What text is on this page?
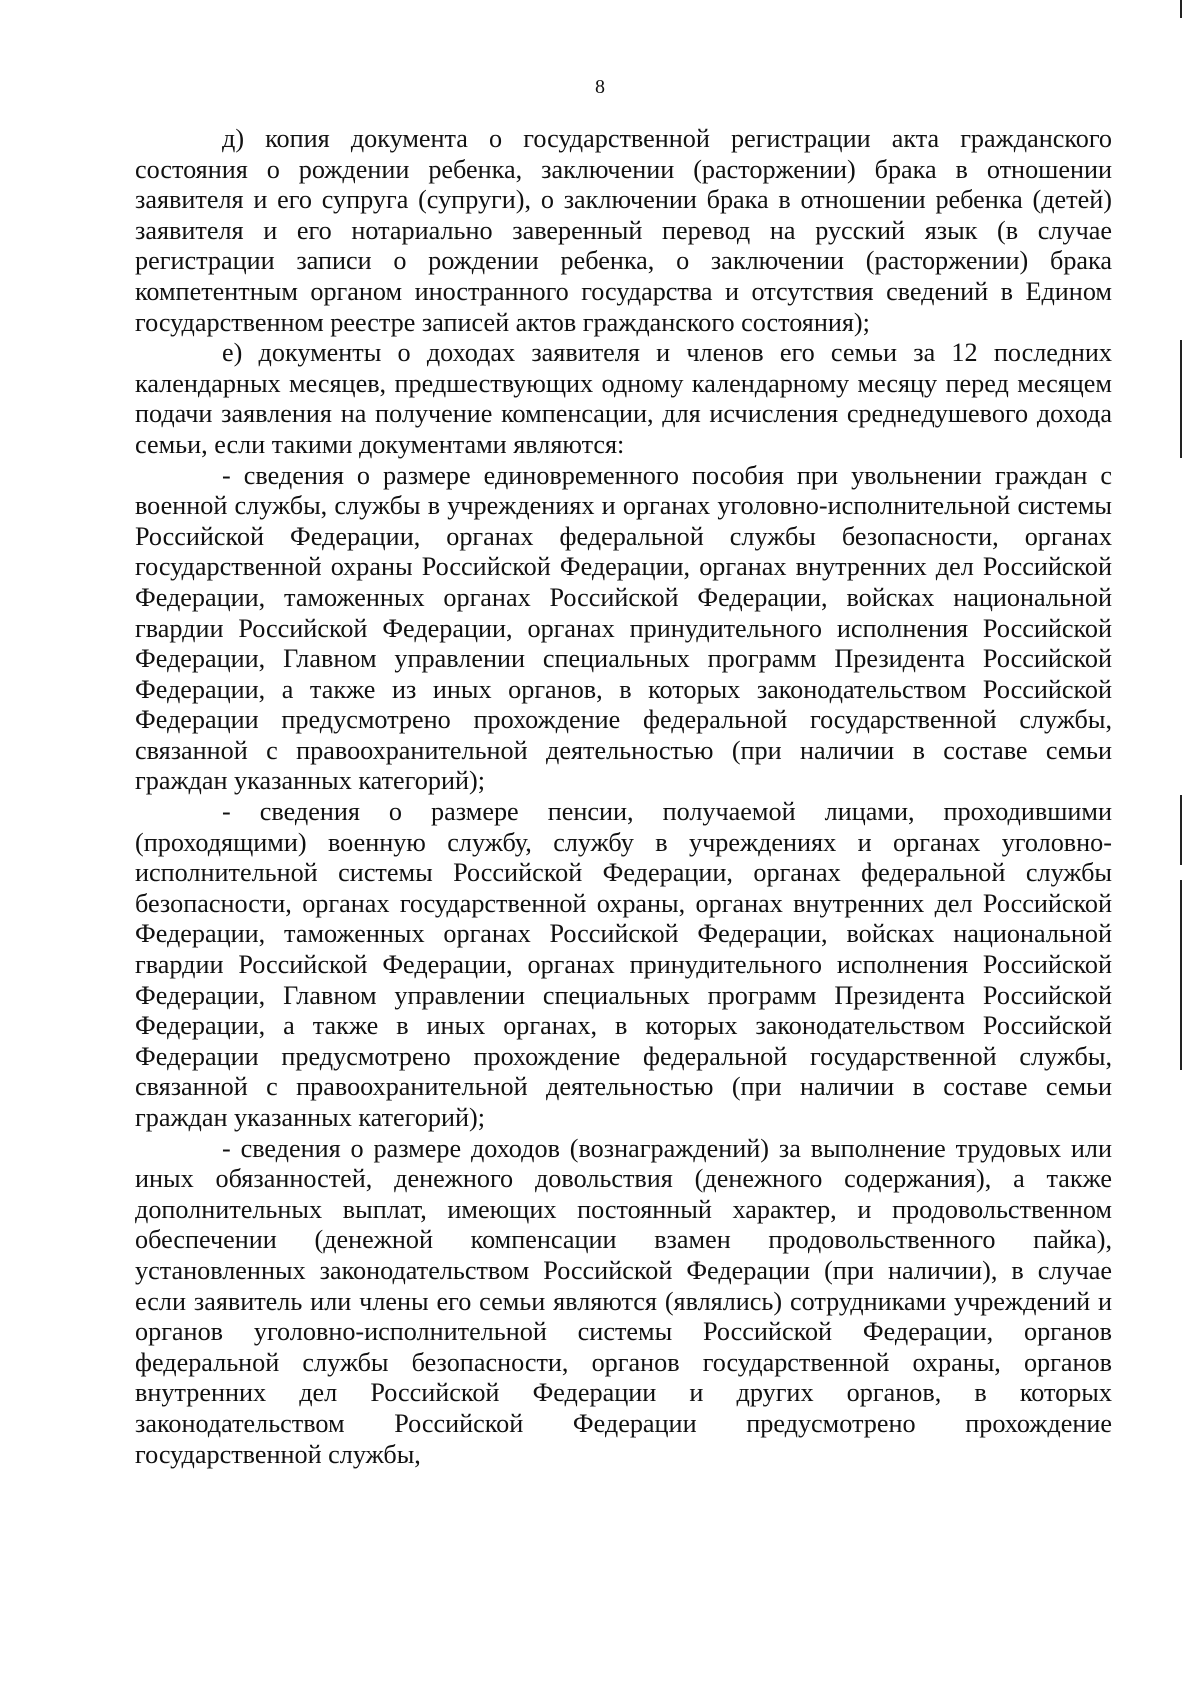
8

д) копия документа о государственной регистрации акта гражданского состояния о рождении ребенка, заключении (расторжении) брака в отношении заявителя и его супруга (супруги), о заключении брака в отношении ребенка (детей) заявителя и его нотариально заверенный перевод на русский язык (в случае регистрации записи о рождении ребенка, о заключении (расторжении) брака компетентным органом иностранного государства и отсутствия сведений в Едином государственном реестре записей актов гражданского состояния);

е) документы о доходах заявителя и членов его семьи за 12 последних календарных месяцев, предшествующих одному календарному месяцу перед месяцем подачи заявления на получение компенсации, для исчисления среднедушевого дохода семьи, если такими документами являются:

- сведения о размере единовременного пособия при увольнении граждан с военной службы, службы в учреждениях и органах уголовно-исполнительной системы Российской Федерации, органах федеральной службы безопасности, органах государственной охраны Российской Федерации, органах внутренних дел Российской Федерации, таможенных органах Российской Федерации, войсках национальной гвардии Российской Федерации, органах принудительного исполнения Российской Федерации, Главном управлении специальных программ Президента Российской Федерации, а также из иных органов, в которых законодательством Российской Федерации предусмотрено прохождение федеральной государственной службы, связанной с правоохранительной деятельностью (при наличии в составе семьи граждан указанных категорий);

- сведения о размере пенсии, получаемой лицами, проходившими (проходящими) военную службу, службу в учреждениях и органах уголовно-исполнительной системы Российской Федерации, органах федеральной службы безопасности, органах государственной охраны, органах внутренних дел Российской Федерации, таможенных органах Российской Федерации, войсках национальной гвардии Российской Федерации, органах принудительного исполнения Российской Федерации, Главном управлении специальных программ Президента Российской Федерации, а также в иных органах, в которых законодательством Российской Федерации предусмотрено прохождение федеральной государственной службы, связанной с правоохранительной деятельностью (при наличии в составе семьи граждан указанных категорий);

- сведения о размере доходов (вознаграждений) за выполнение трудовых или иных обязанностей, денежного довольствия (денежного содержания), а также дополнительных выплат, имеющих постоянный характер, и продовольственном обеспечении (денежной компенсации взамен продовольственного пайка), установленных законодательством Российской Федерации (при наличии), в случае если заявитель или члены его семьи являются (являлись) сотрудниками учреждений и органов уголовно-исполнительной системы Российской Федерации, органов федеральной службы безопасности, органов государственной охраны, органов внутренних дел Российской Федерации и других органов, в которых законодательством Российской Федерации предусмотрено прохождение государственной службы,
